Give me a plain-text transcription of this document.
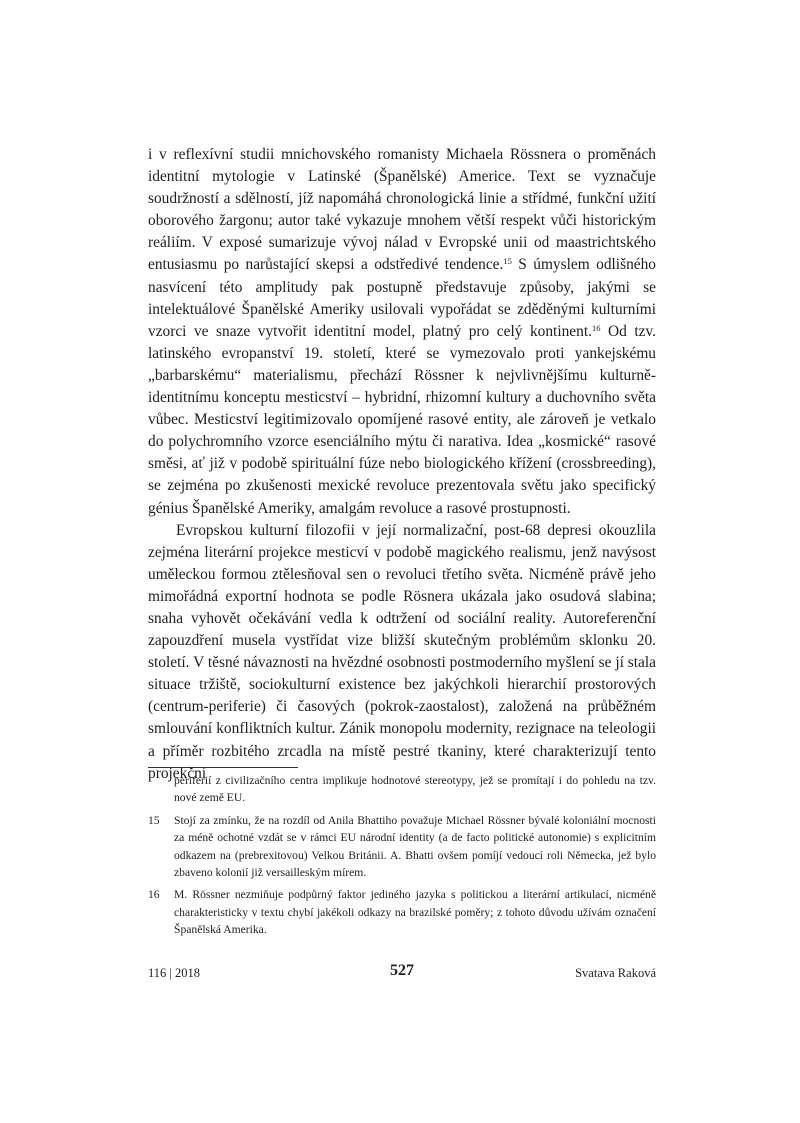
i v reflexívní studii mnichovského romanisty Michaela Rössnera o proměnách identitní mytologie v Latinské (Španělské) Americe. Text se vyznačuje soudržností a sdělností, jíž napomáhá chronologická linie a střídmé, funkční užití oborového žargonu; autor také vykazuje mnohem větší respekt vůči historickým reáliím. V exposé sumarizuje vývoj nálad v Evropské unii od maastrichtského entusiasmu po narůstající skepsi a odstředivé tendence.$^{15}$ S úmyslem odlišného nasvícení této amplitudy pak postupně představuje způsoby, jakými se intelektuálové Španělské Ameriky usilovali vypořádat se zděděnými kulturními vzorci ve snaze vytvořit identitní model, platný pro celý kontinent.$^{16}$ Od tzv. latinského evropanství 19. století, které se vymezovalo proti yankejskému „barbarskému“ materialismu, přechází Rössner k nejvlivnějšímu kulturně-identitnímu konceptu mesticství – hybridní, rhizomní kultury a duchovního světa vůbec. Mesticství legitimizovalo opomíjené rasové entity, ale zároveň je vetkalo do polychromního vzorce esenciálního mýtu či narativa. Idea „kosmické“ rasové směsi, ať již v podobě spirituální fúze nebo biologického křížení (crossbreeding), se zejména po zkušenosti mexické revoluce prezentovala světu jako specifický génius Španělské Ameriky, amalgám revoluce a rasové prostupnosti.

Evropskou kulturní filozofii v její normalizační, post-68 depresi okouzlila zejména literární projekce mesticví v podobě magického realismu, jenž navýsost uměleckou formou ztělesňoval sen o revoluci třetího světa. Nicméně právě jeho mimořádná exportní hodnota se podle Rösnera ukázala jako osudová slabina; snaha vyhovět očekávání vedla k odtržení od sociální reality. Autoreferenční zapouzdření musela vystřídat vize bližší skutečným problémům sklonku 20. století. V těsné návaznosti na hvězdné osobnosti postmoderního myšlení se jí stala situace tržiště, sociokulturní existence bez jakýchkoli hierarchií prostorových (centrum-periferie) či časových (pokrok-zaostalost), založená na průběžném smlouvání konfliktních kultur. Zánik monopolu modernity, rezignace na teleologii a příměr rozbitého zrcadla na místě pestré tkaniny, které charakterizují tento projekční

periferií z civilizačního centra implikuje hodnotové stereotypy, jež se promítají i do pohledu na tzv. nové země EU.
15 Stojí za zmínku, že na rozdíl od Anila Bhattiho považuje Michael Rössner bývalé koloniální mocnosti za méně ochotné vzdát se v rámci EU národní identity (a de facto politické autonomie) s explicitním odkazem na (prebrexitovou) Velkou Británii. A. Bhatti ovšem pomíjí vedoucí roli Německa, jež bylo zbaveno kolonií již versailleským mírem.
16 M. Rössner nezmiňuje podpůrný faktor jediného jazyka s politickou a literární artikulací, nicméně charakteristicky v textu chybí jakékoli odkazy na brazilské poměry; z tohoto důvodu užívám označení Španělská Amerika.
116 | 2018	527	Svatava Raková
